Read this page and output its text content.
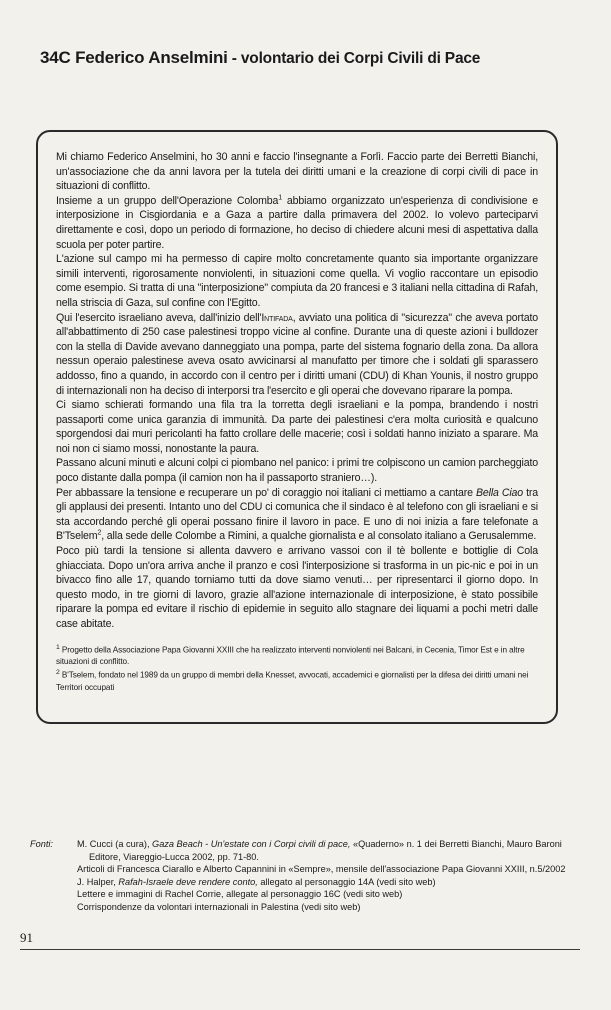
34C Federico Anselmini - volontario dei Corpi Civili di Pace

Mi chiamo Federico Anselmini, ho 30 anni e faccio l'insegnante a Forlì. Faccio parte dei Berretti Bianchi, un'associazione che da anni lavora per la tutela dei diritti umani e la creazione di corpi civili di pace in situazioni di conflitto.

Insieme a un gruppo dell'Operazione Colomba$^1$ abbiamo organizzato un'esperienza di condivisione e interposizione in Cisgiordania e a Gaza a partire dalla primavera del 2002. Io volevo parteciparvi direttamente e così, dopo un periodo di formazione, ho deciso di chiedere alcuni mesi di aspettativa dalla scuola per poter partire.

L'azione sul campo mi ha permesso di capire molto concretamente quanto sia importante organizzare simili interventi, rigorosamente nonviolenti, in situazioni come quella. Vi voglio raccontare un episodio come esempio. Si tratta di una "interposizione" compiuta da 20 francesi e 3 italiani nella cittadina di Rafah, nella striscia di Gaza, sul confine con l'Egitto.

Qui l'esercito israeliano aveva, dall'inizio dell'Intifada, avviato una politica di "sicurezza" che aveva portato all'abbattimento di 250 case palestinesi troppo vicine al confine. Durante una di queste azioni i bulldozer con la stella di Davide avevano danneggiato una pompa, parte del sistema fognario della zona. Da allora nessun operaio palestinese aveva osato avvicinarsi al manufatto per timore che i soldati gli sparassero addosso, fino a quando, in accordo con il centro per i diritti umani (CDU) di Khan Younis, il nostro gruppo di internazionali non ha deciso di interporsi tra l'esercito e gli operai che dovevano riparare la pompa.

Ci siamo schierati formando una fila tra la torretta degli israeliani e la pompa, brandendo i nostri passaporti come unica garanzia di immunità. Da parte dei palestinesi c'era molta curiosità e qualcuno sporgendosi dai muri pericolanti ha fatto crollare delle macerie; così i soldati hanno iniziato a sparare. Ma noi non ci siamo mossi, nonostante la paura.

Passano alcuni minuti e alcuni colpi ci piombano nel panico: i primi tre colpiscono un camion parcheggiato poco distante dalla pompa (il camion non ha il passaporto straniero…).

Per abbassare la tensione e recuperare un po' di coraggio noi italiani ci mettiamo a cantare Bella Ciao tra gli applausi dei presenti. Intanto uno del CDU ci comunica che il sindaco è al telefono con gli israeliani e si sta accordando perché gli operai possano finire il lavoro in pace. E uno di noi inizia a fare telefonate a B'Tselem$^2$, alla sede delle Colombe a Rimini, a qualche giornalista e al consolato italiano a Gerusalemme.

Poco più tardi la tensione si allenta davvero e arrivano vassoi con il tè bollente e bottiglie di Cola ghiacciata. Dopo un'ora arriva anche il pranzo e così l'interposizione si trasforma in un pic-nic e poi in un bivacco fino alle 17, quando torniamo tutti da dove siamo venuti… per ripresentarci il giorno dopo. In questo modo, in tre giorni di lavoro, grazie all'azione internazionale di interposizione, è stato possibile riparare la pompa ed evitare il rischio di epidemie in seguito allo stagnare dei liquami a pochi metri dalle case abitate.

$^1$ Progetto della Associazione Papa Giovanni XXIII che ha realizzato interventi nonviolenti nei Balcani, in Cecenia, Timor Est e in altre situazioni di conflitto.

$^2$ B'Tselem, fondato nel 1989 da un gruppo di membri della Knesset, avvocati, accademici e giornalisti per la difesa dei diritti umani nei Territori occupati

Fonti:	M. Cucci (a cura), Gaza Beach - Un'estate con i Corpi civili di pace, «Quaderno» n. 1 dei Berretti Bianchi, Mauro Baroni
Editore, Viareggio-Lucca 2002, pp. 71-80.

Articoli di Francesca Ciarallo e Alberto Capannini in «Sempre», mensile dell'associazione Papa Giovanni XXIII, n.5/2002

J. Halper, Rafah-Israele deve rendere conto, allegato al personaggio 14A (vedi sito web)

Lettere e immagini di Rachel Corrie, allegate al personaggio 16C (vedi sito web)

Corrispondenze da volontari internazionali in Palestina (vedi sito web)

91
